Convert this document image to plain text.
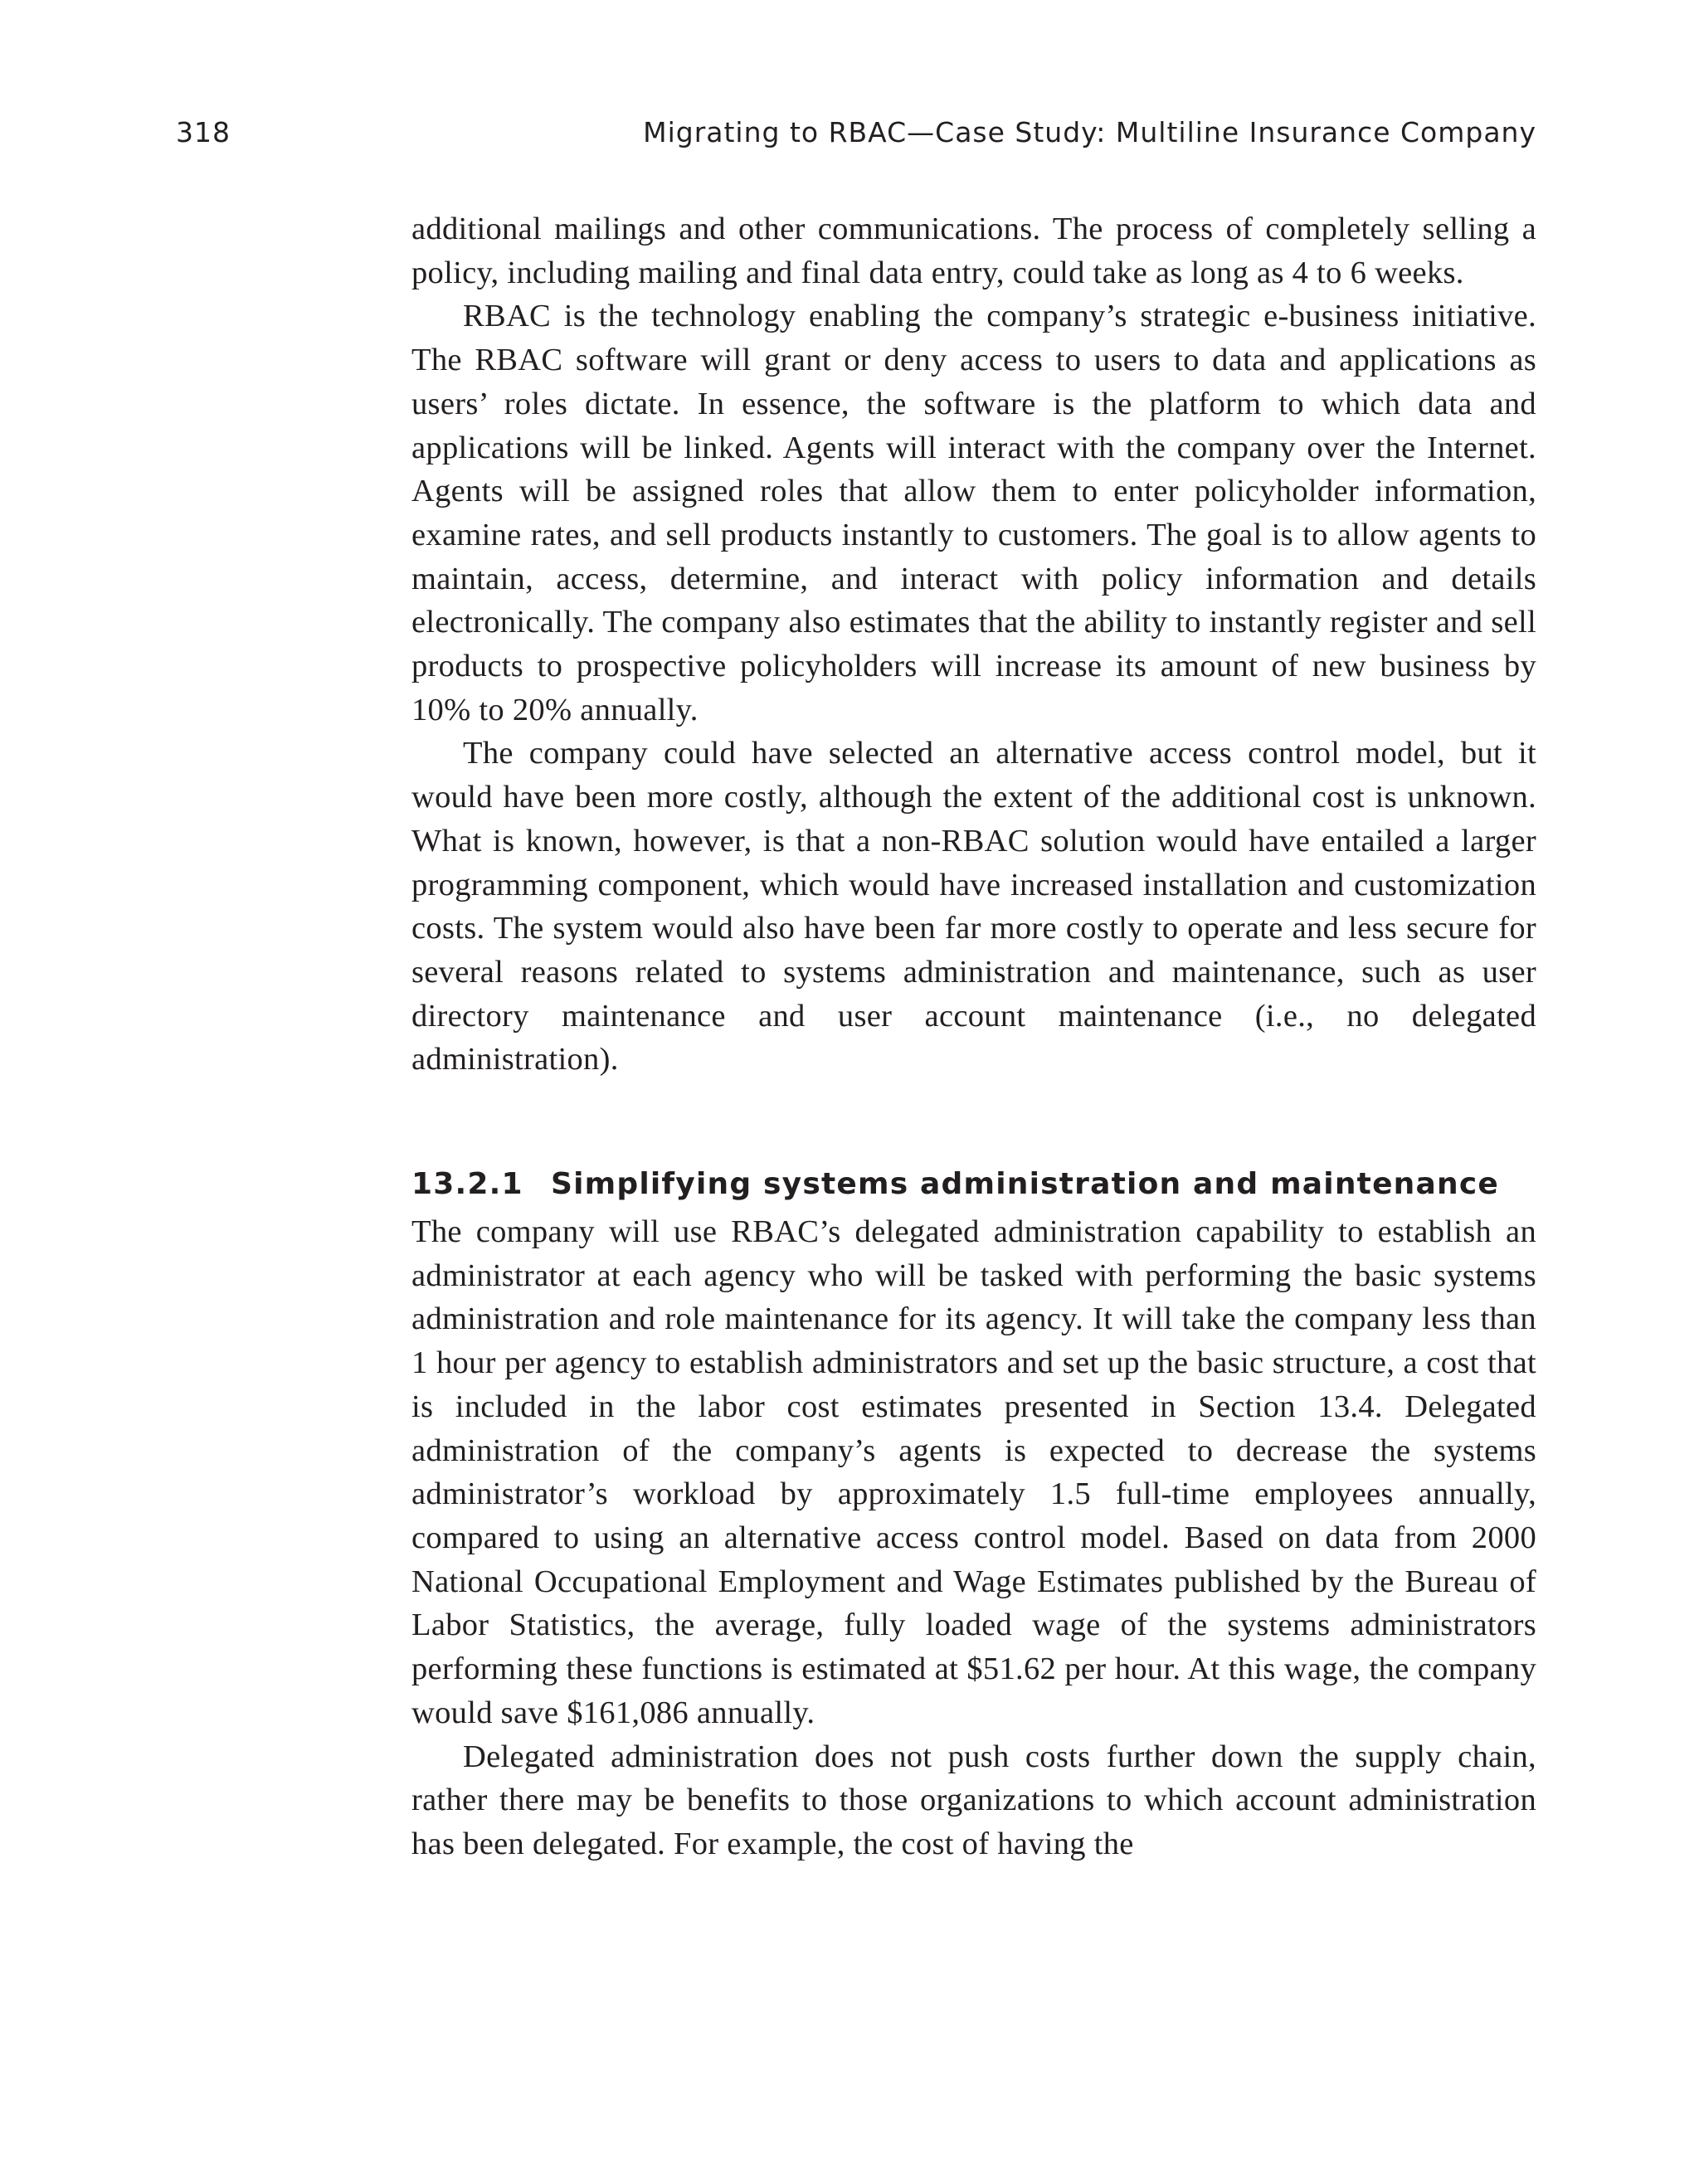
318	Migrating to RBAC—Case Study: Multiline Insurance Company

additional mailings and other communications. The process of completely selling a policy, including mailing and final data entry, could take as long as 4 to 6 weeks.

RBAC is the technology enabling the company’s strategic e-business initiative. The RBAC software will grant or deny access to users to data and applications as users’ roles dictate. In essence, the software is the platform to which data and applications will be linked. Agents will interact with the company over the Internet. Agents will be assigned roles that allow them to enter policyholder information, examine rates, and sell products instantly to customers. The goal is to allow agents to maintain, access, determine, and interact with policy information and details electronically. The company also estimates that the ability to instantly register and sell products to prospective policyholders will increase its amount of new business by 10% to 20% annually.

The company could have selected an alternative access control model, but it would have been more costly, although the extent of the additional cost is unknown. What is known, however, is that a non-RBAC solution would have entailed a larger programming component, which would have increased installation and customization costs. The system would also have been far more costly to operate and less secure for several reasons related to systems administration and maintenance, such as user directory maintenance and user account maintenance (i.e., no delegated administration).

13.2.1 Simplifying systems administration and maintenance

The company will use RBAC’s delegated administration capability to establish an administrator at each agency who will be tasked with performing the basic systems administration and role maintenance for its agency. It will take the company less than 1 hour per agency to establish administrators and set up the basic structure, a cost that is included in the labor cost estimates presented in Section 13.4. Delegated administration of the company’s agents is expected to decrease the systems administrator’s workload by approximately 1.5 full-time employees annually, compared to using an alternative access control model. Based on data from 2000 National Occupational Employment and Wage Estimates published by the Bureau of Labor Statistics, the average, fully loaded wage of the systems administrators performing these functions is estimated at $51.62 per hour. At this wage, the company would save $161,086 annually.

Delegated administration does not push costs further down the supply chain, rather there may be benefits to those organizations to which account administration has been delegated. For example, the cost of having the
